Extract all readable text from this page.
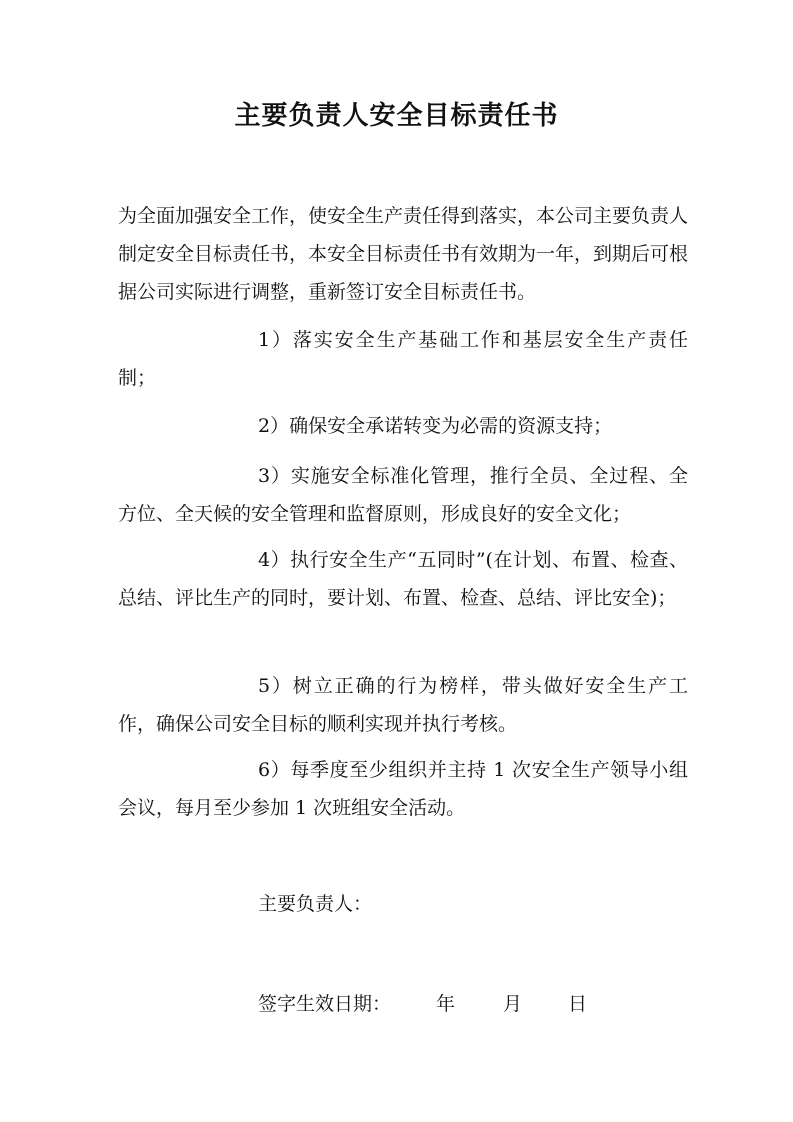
主要负责人安全目标责任书

为全面加强安全工作，使安全生产责任得到落实，本公司主要负责人制定安全目标责任书，本安全目标责任书有效期为一年，到期后可根据公司实际进行调整，重新签订安全目标责任书。

1）落实安全生产基础工作和基层安全生产责任制；

2）确保安全承诺转变为必需的资源支持；

3）实施安全标准化管理，推行全员、全过程、全方位、全天候的安全管理和监督原则，形成良好的安全文化；

4）执行安全生产“五同时”(在计划、布置、检查、总结、评比生产的同时，要计划、布置、检查、总结、评比安全)；

5）树立正确的行为榜样，带头做好安全生产工作，确保公司安全目标的顺利实现并执行考核。

6）每季度至少组织并主持 1 次安全生产领导小组会议，每月至少参加 1 次班组安全活动。

主要负责人：
签字生效日期： 年	月 日
